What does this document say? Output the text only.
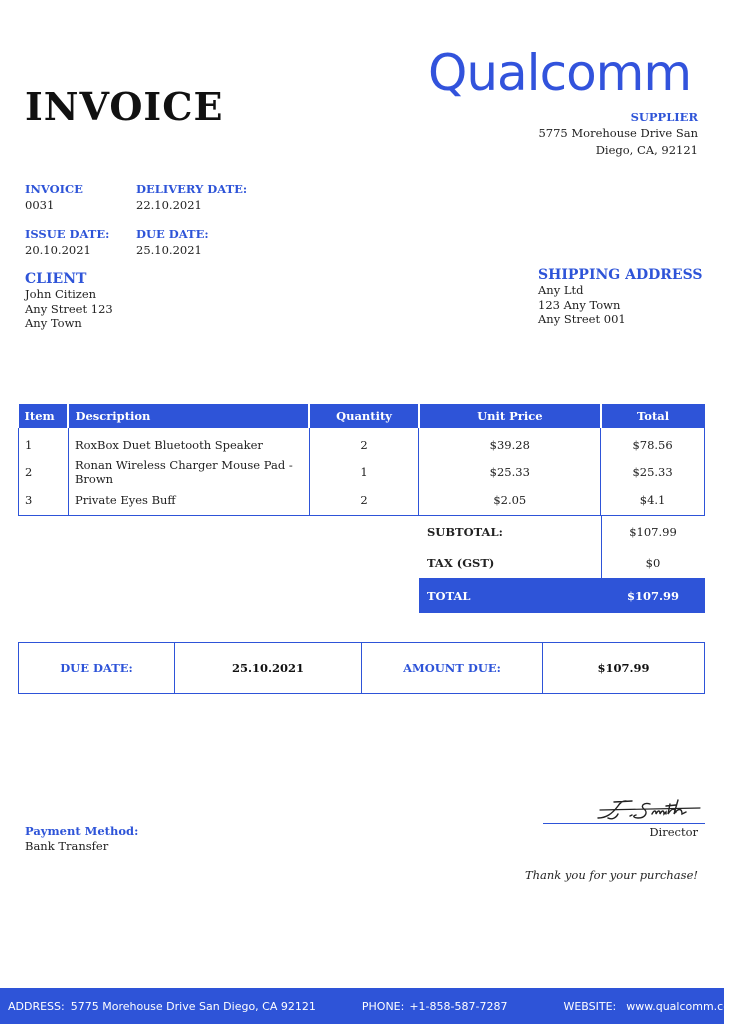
Qualcomm
INVOICE	SUPPLIER
5775 Morehouse Drive San
Diego, CA, 92121
INVOICE
0031
DELIVERY DATE:
22.10.2021
ISSUE DATE:
20.10.2021
DUE DATE:
25.10.2021
CLIENT
John Citizen
Any Street 123
Any Town
SHIPPING ADDRESS
Any Ltd
123 Any Town
Any Street 001
Item	Description	Quantity	Unit Price	Total
1	RoxBox Duet Bluetooth Speaker	2	$39.28	$78.56
2	Ronan Wireless Charger Mouse Pad - Brown	1	$25.33	$25.33
3	Private Eyes Buff	2	$2.05	$4.1
SUBTOTAL:	$107.99
TAX (GST)	$0
TOTAL	$107.99
DUE DATE:	25.10.2021	AMOUNT DUE:	$107.99
Director
Payment Method:
Bank Transfer
Thank you for your purchase!
ADDRESS: 5775 Morehouse Drive San Diego, CA 92121	PHONE: +1-858-587-7287	WEBSITE: www.qualcomm.com
